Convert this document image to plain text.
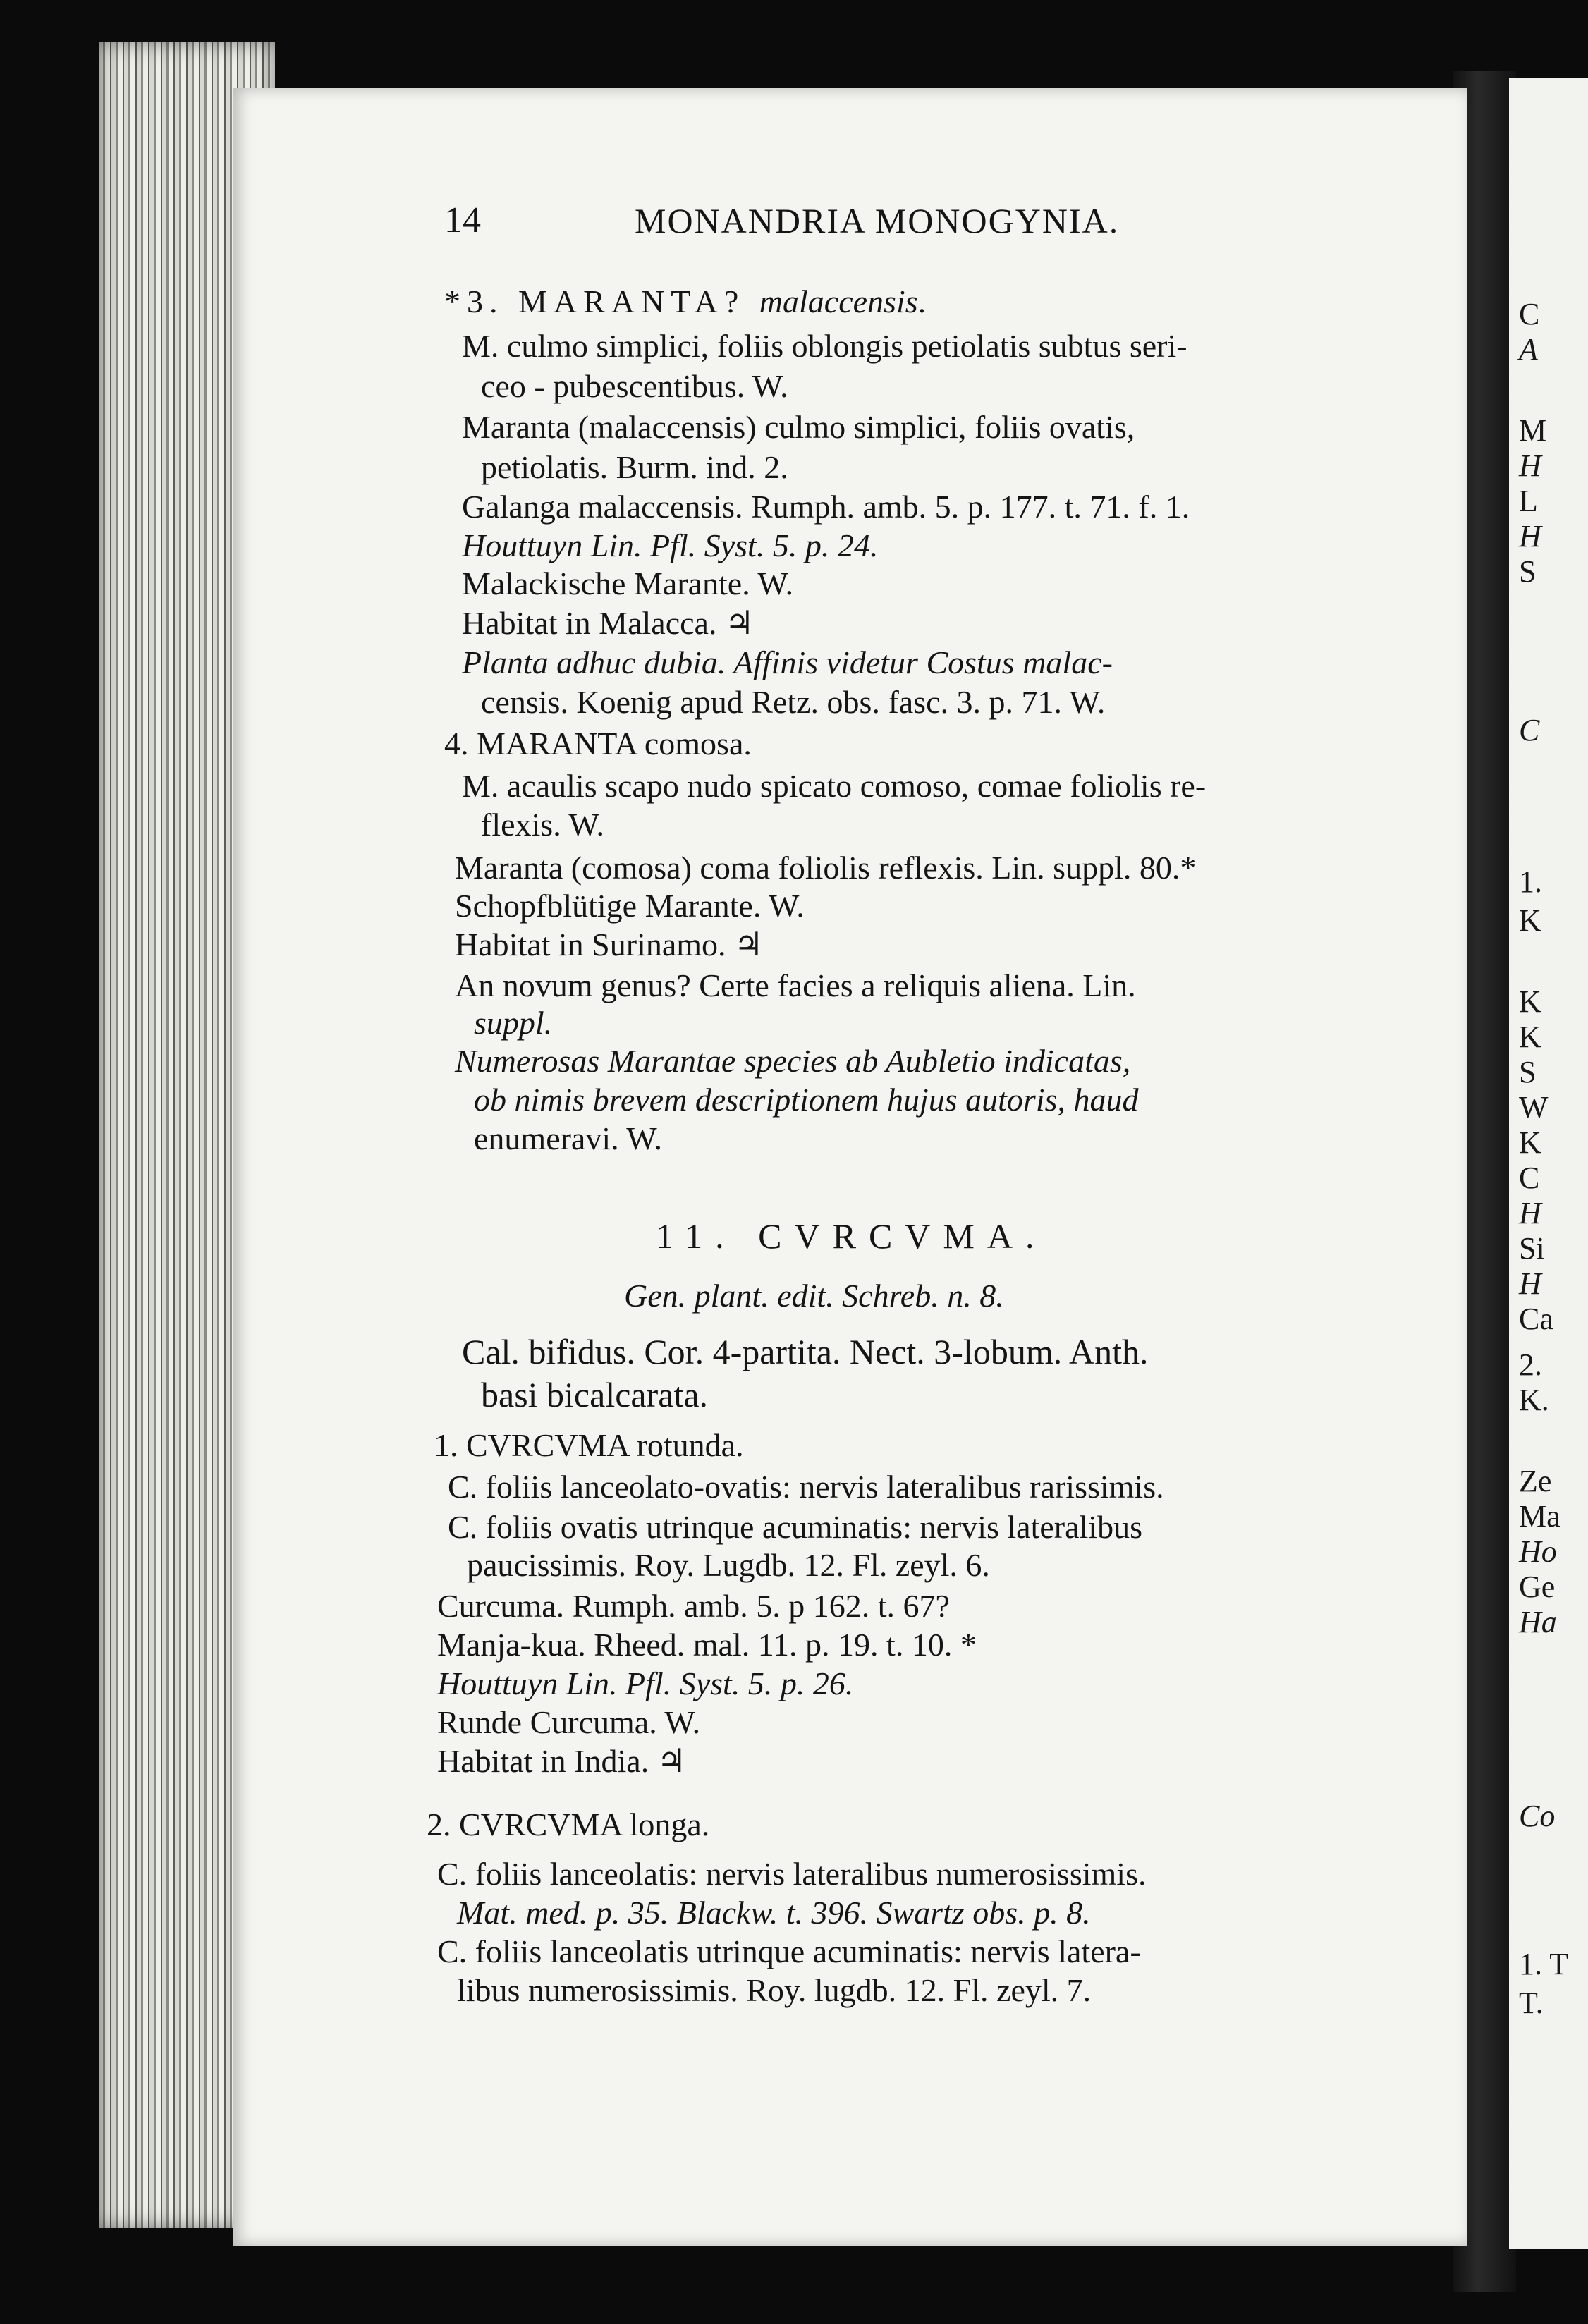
C
A
M
H
L
H
S
C
1.
K
K
K
S
W
K
C
H
Si
H
Ca
2.
K.
Ze
Ma
Ho
Ge
Ha
Co
1. T
T.
14	MONANDRIA MONOGYNIA.
*3. MARANTA? malaccensis.
M. culmo simplici, foliis oblongis petiolatis subtus seri-
ceo - pubescentibus. W.
Maranta (malaccensis) culmo simplici, foliis ovatis,
petiolatis. Burm. ind. 2.
Galanga malaccensis. Rumph. amb. 5. p. 177. t. 71. f. 1.
Houttuyn Lin. Pfl. Syst. 5. p. 24.
Malackische Marante. W.
Habitat in Malacca. ♃
Planta adhuc dubia. Affinis videtur Costus malac-
censis. Koenig apud Retz. obs. fasc. 3. p. 71. W.
4. MARANTA comosa.
M. acaulis scapo nudo spicato comoso, comae foliolis re-
flexis. W.
Maranta (comosa) coma foliolis reflexis. Lin. suppl. 80.*
Schopfblütige Marante. W.
Habitat in Surinamo. ♃
An novum genus? Certe facies a reliquis aliena. Lin.
suppl.
Numerosas Marantae species ab Aubletio indicatas,
ob nimis brevem descriptionem hujus autoris, haud
enumeravi. W.
11. CVRCVMA.
Gen. plant. edit. Schreb. n. 8.
Cal. bifidus. Cor. 4-partita. Nect. 3-lobum. Anth.
basi bicalcarata.
1. CVRCVMA rotunda.
C. foliis lanceolato-ovatis: nervis lateralibus rarissimis.
C. foliis ovatis utrinque acuminatis: nervis lateralibus
paucissimis. Roy. Lugdb. 12. Fl. zeyl. 6.
Curcuma. Rumph. amb. 5. p 162. t. 67?
Manja-kua. Rheed. mal. 11. p. 19. t. 10. *
Houttuyn Lin. Pfl. Syst. 5. p. 26.
Runde Curcuma. W.
Habitat in India. ♃
2. CVRCVMA longa.
C. foliis lanceolatis: nervis lateralibus numerosissimis.
Mat. med. p. 35. Blackw. t. 396. Swartz obs. p. 8.
C. foliis lanceolatis utrinque acuminatis: nervis latera-
libus numerosissimis. Roy. lugdb. 12. Fl. zeyl. 7.
